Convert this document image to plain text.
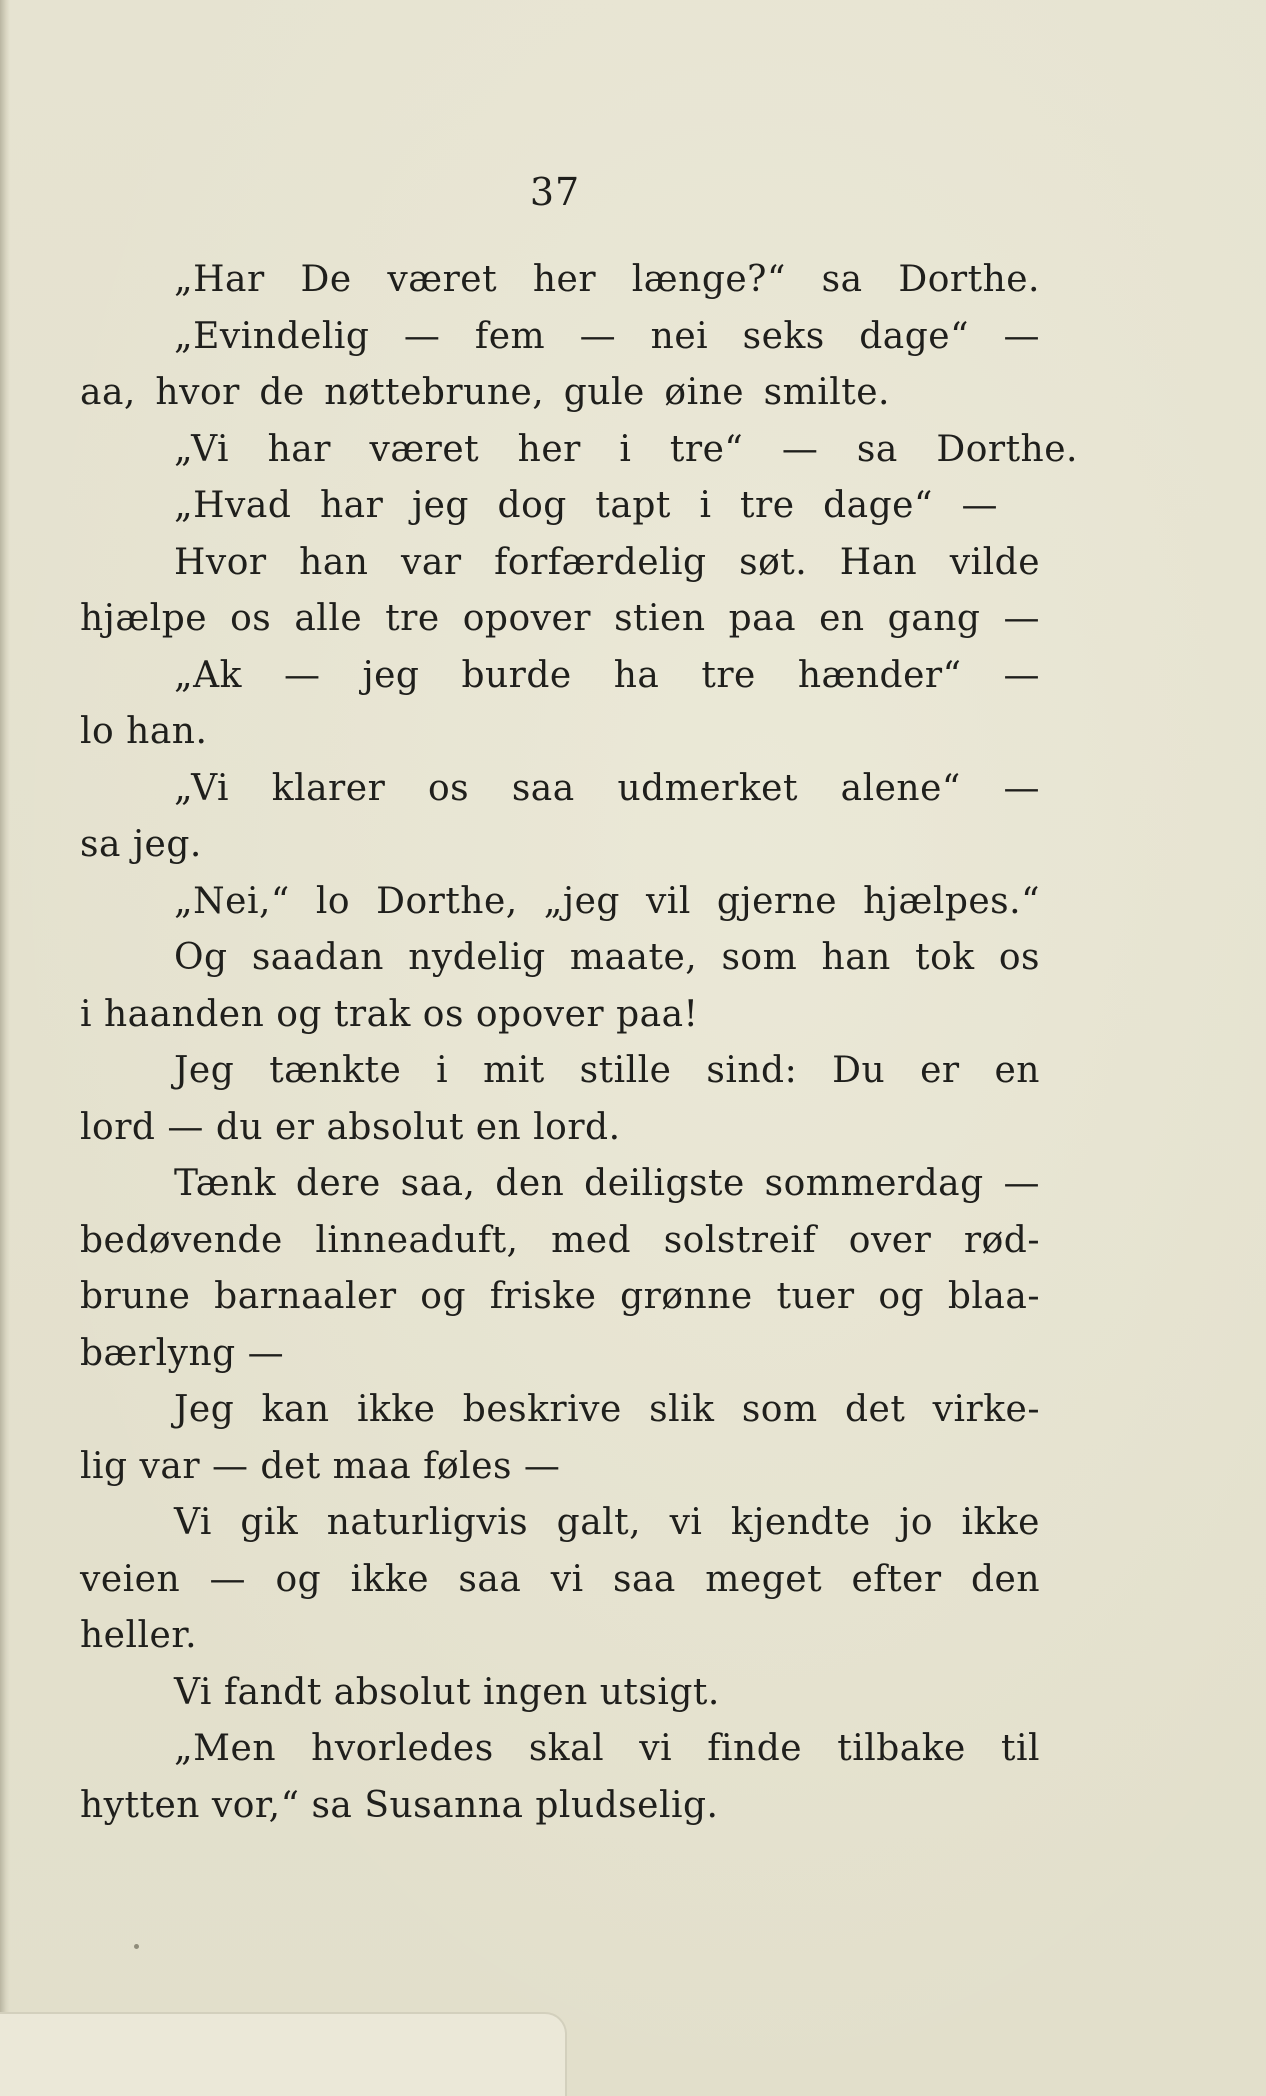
37
„Har De været her længe?“ sa Dorthe.
„Evindelig — fem — nei seks dage“ —
aa, hvor de nøttebrune, gule øine smilte.
„Vi har været her i tre“ — sa Dorthe.
„Hvad har jeg dog tapt i tre dage“ —
Hvor han var forfærdelig søt. Han vilde
hjælpe os alle tre opover stien paa en gang —
„Ak — jeg burde ha tre hænder“ —
lo han.
„Vi klarer os saa udmerket alene“ —
sa jeg.
„Nei,“ lo Dorthe, „jeg vil gjerne hjælpes.“
Og saadan nydelig maate, som han tok os
i haanden og trak os opover paa!
Jeg tænkte i mit stille sind: Du er en
lord — du er absolut en lord.
Tænk dere saa, den deiligste sommerdag —
bedøvende linneaduft, med solstreif over rød-
brune barnaaler og friske grønne tuer og blaa-
bærlyng —
Jeg kan ikke beskrive slik som det virke-
lig var — det maa føles —
Vi gik naturligvis galt, vi kjendte jo ikke
veien — og ikke saa vi saa meget efter den
heller.
Vi fandt absolut ingen utsigt.
„Men hvorledes skal vi finde tilbake til
hytten vor,“ sa Susanna pludselig.
